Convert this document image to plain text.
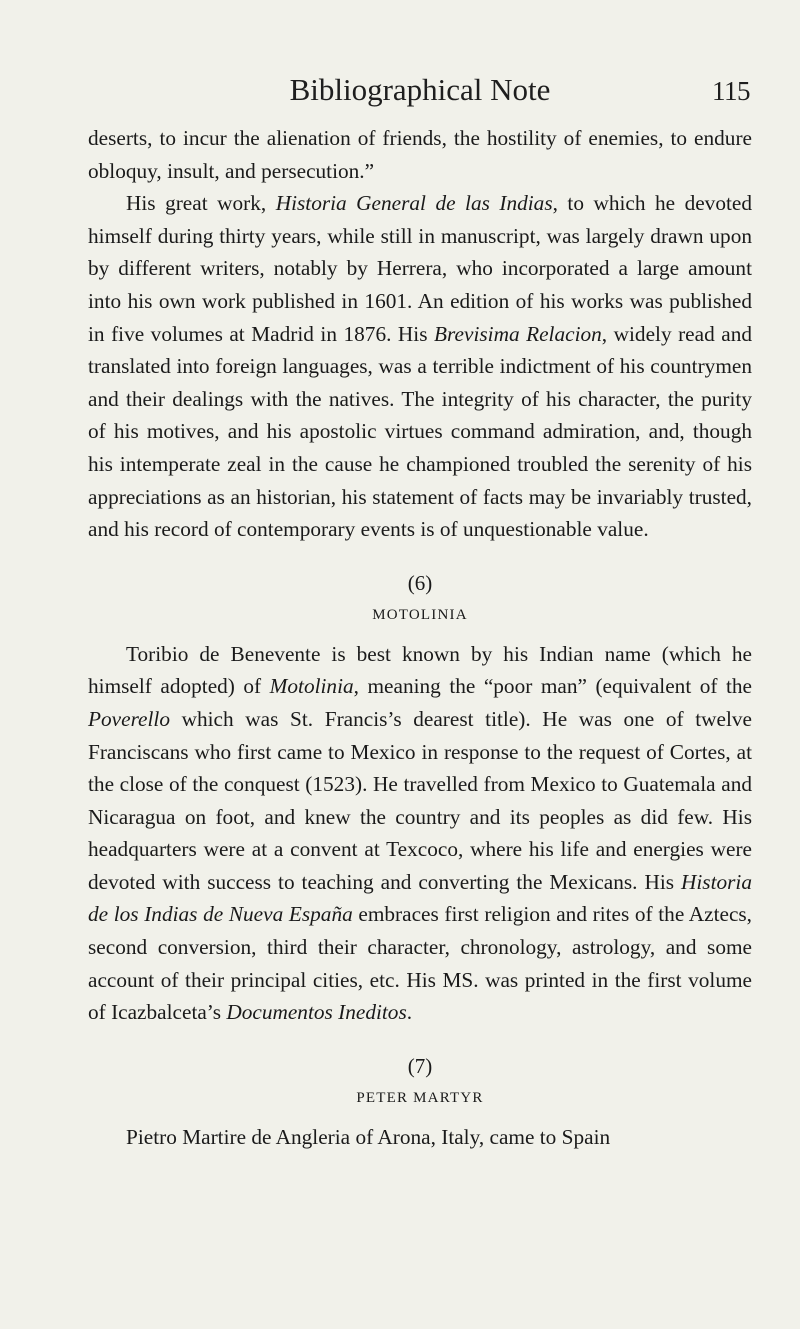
Bibliographical Note	115

deserts, to incur the alienation of friends, the hostility of enemies, to endure obloquy, insult, and persecution.”

His great work, Historia General de las Indias, to which he devoted himself during thirty years, while still in manuscript, was largely drawn upon by different writers, notably by Herrera, who incorporated a large amount into his own work published in 1601. An edition of his works was published in five volumes at Madrid in 1876. His Brevisima Relacion, widely read and translated into foreign languages, was a terrible indictment of his countrymen and their dealings with the natives. The integrity of his character, the purity of his motives, and his apostolic virtues command admiration, and, though his intemperate zeal in the cause he championed troubled the serenity of his appreciations as an historian, his statement of facts may be invariably trusted, and his record of contemporary events is of unquestionable value.

(6)
MOTOLINIA

Toribio de Benevente is best known by his Indian name (which he himself adopted) of Motolinia, meaning the “poor man” (equivalent of the Poverello which was St. Francis’s dearest title). He was one of twelve Franciscans who first came to Mexico in response to the request of Cortes, at the close of the conquest (1523). He travelled from Mexico to Guatemala and Nicaragua on foot, and knew the country and its peoples as did few. His headquarters were at a convent at Texcoco, where his life and energies were devoted with success to teaching and converting the Mexicans. His Historia de los Indias de Nueva España embraces first religion and rites of the Aztecs, second conversion, third their character, chronology, astrology, and some account of their principal cities, etc. His MS. was printed in the first volume of Icazbalceta’s Documentos Ineditos.

(7)
PETER MARTYR

Pietro Martire de Angleria of Arona, Italy, came to Spain
